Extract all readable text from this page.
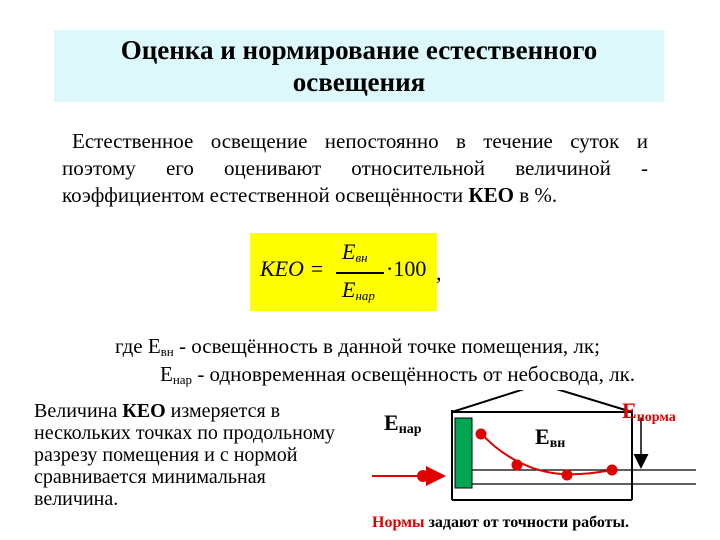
Оценка и нормирование естественного освещения
Естественное освещение непостоянно в течение суток и поэтому его оценивают относительной величиной - коэффициентом естественной освещённости КЕО в %.
КЕО =
$E_{вн}$
$E_{нар}$
·100 ,
где $Е_{вн}$ - освещённость в данной точке помещения, лк;
$Е_{нар}$ - одновременная освещённость от небосвода, лк.
Величина КЕО измеряется в нескольких точках по продольному разрезу помещения и с нормой сравнивается минимальная величина.
$Е_{нар}$	$Е_{вн}$
$Е_{норма}$
Нормы задают от точности работы.
